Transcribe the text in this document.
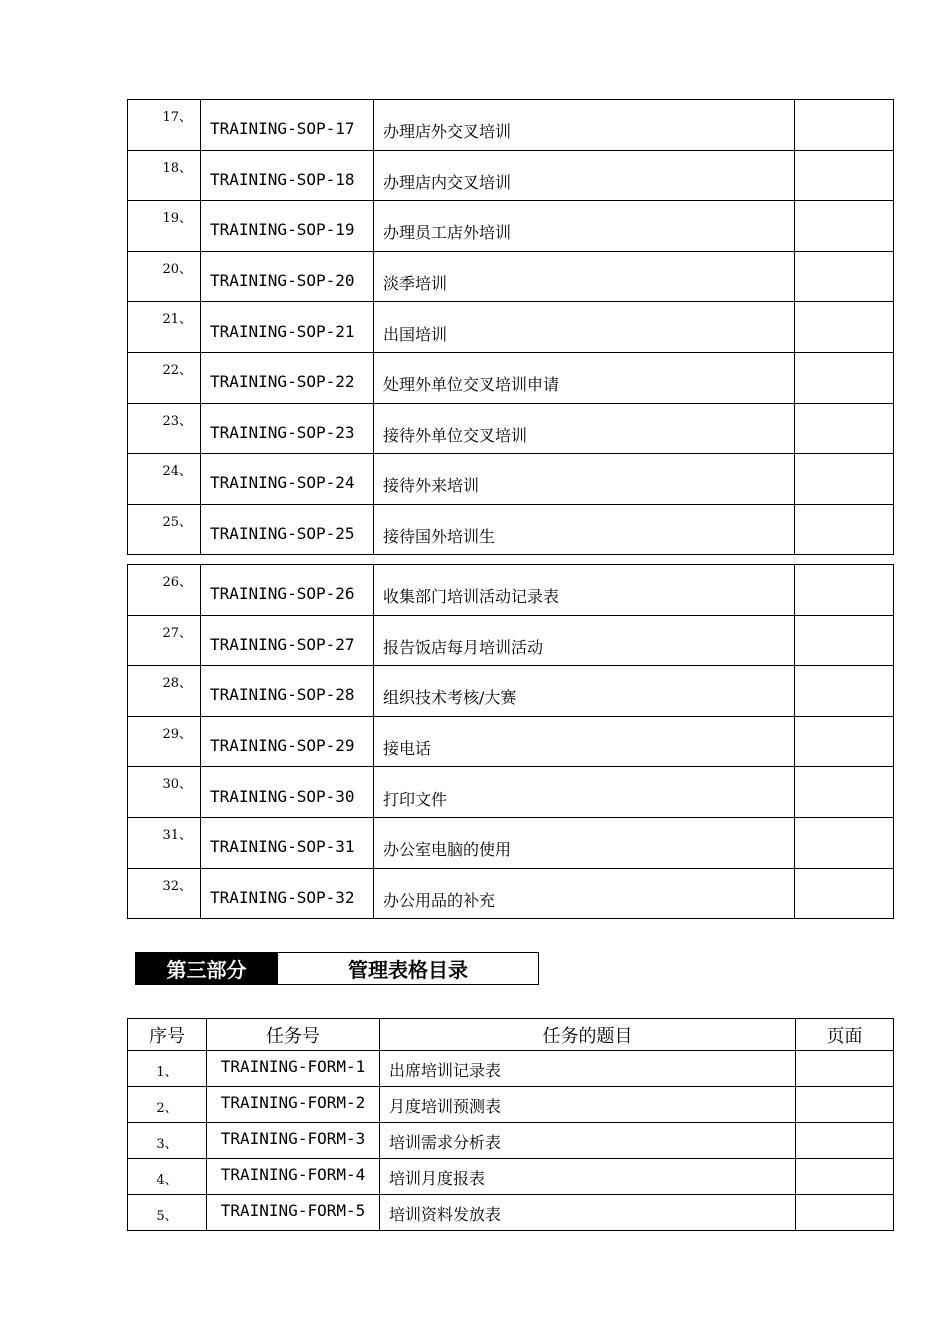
17、	TRAINING-SOP-17	办理店外交叉培训	
18、	TRAINING-SOP-18	办理店内交叉培训	
19、	TRAINING-SOP-19	办理员工店外培训	
20、	TRAINING-SOP-20	淡季培训	
21、	TRAINING-SOP-21	出国培训	
22、	TRAINING-SOP-22	处理外单位交叉培训申请	
23、	TRAINING-SOP-23	接待外单位交叉培训	
24、	TRAINING-SOP-24	接待外来培训	
25、	TRAINING-SOP-25	接待国外培训生	
26、	TRAINING-SOP-26	收集部门培训活动记录表	
27、	TRAINING-SOP-27	报告饭店每月培训活动	
28、	TRAINING-SOP-28	组织技术考核/大赛	
29、	TRAINING-SOP-29	接电话	
30、	TRAINING-SOP-30	打印文件	
31、	TRAINING-SOP-31	办公室电脑的使用	
32、	TRAINING-SOP-32	办公用品的补充	
第三部分	管理表格目录
序号	任务号	任务的题目	页面
1、	TRAINING-FORM-1	出席培训记录表	
2、	TRAINING-FORM-2	月度培训预测表	
3、	TRAINING-FORM-3	培训需求分析表	
4、	TRAINING-FORM-4	培训月度报表	
5、	TRAINING-FORM-5	培训资料发放表	
